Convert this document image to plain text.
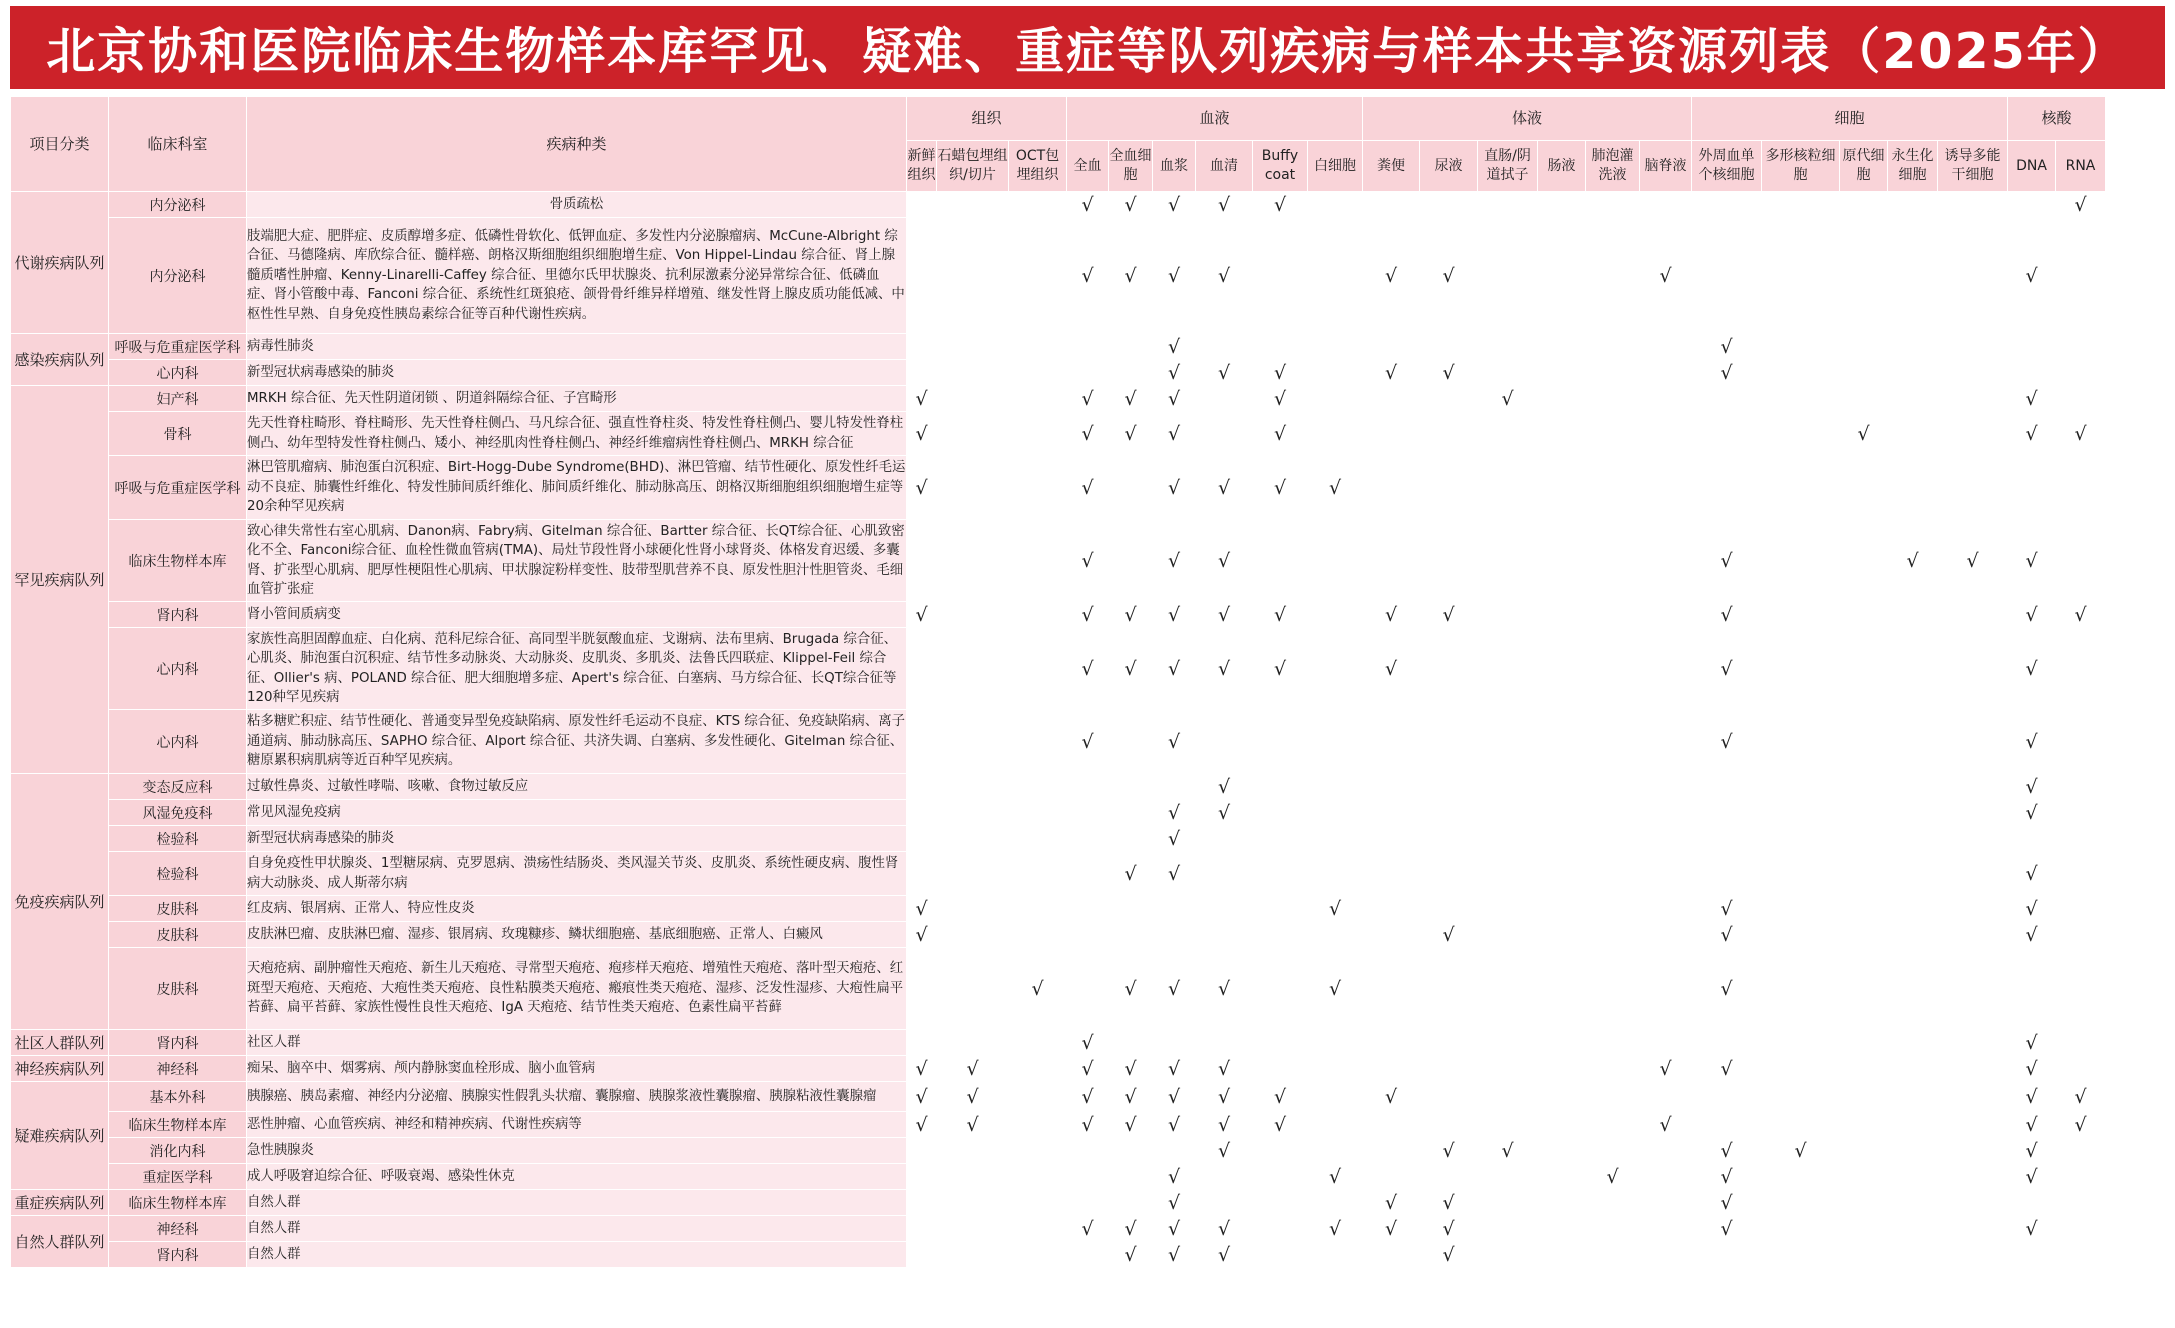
北京协和医院临床生物样本库罕见、疑难、重症等队列疾病与样本共享资源列表（2025年）
项目分类	临床科室	疾病种类	组织			血液						体液						细胞					核酸	
			新鲜组织	石蜡包埋组织/切片	OCT包埋组织	全血	全血细胞	血浆	血清	Buffy coat	白细胞	粪便	尿液	直肠/阴道拭子	肠液	肺泡灌洗液	脑脊液	外周血单个核细胞	多形核粒细胞	原代细胞	永生化细胞	诱导多能干细胞	DNA	RNA
代谢疾病队列	内分泌科	骨质疏松				√	√	√	√	√														√
	内分泌科	肢端肥大症、肥胖症、皮质醇增多症、低磷性骨软化、低钾血症、多发性内分泌腺瘤病、McCune-Albright 综合征、马德隆病、库欣综合征、髓样癌、朗格汉斯细胞组织细胞增生症、Von Hippel-Lindau 综合征、肾上腺髓质嗜性肿瘤、Kenny-Linarelli-Caffey 综合征、里德尔氏甲状腺炎、抗利尿激素分泌异常综合征、低磷血症、肾小管酸中毒、Fanconi 综合征、系统性红斑狼疮、颌骨骨纤维异样增殖、继发性肾上腺皮质功能低减、中枢性性早熟、自身免疫性胰岛素综合征等百种代谢性疾病。				√	√	√	√			√	√				√						√	
感染疾病队列	呼吸与危重症医学科	病毒性肺炎						√										√						
	心内科	新型冠状病毒感染的肺炎						√	√	√		√	√					√						
罕见疾病队列	妇产科	MRKH 综合征、先天性阴道闭锁 、阴道斜隔综合征、子宫畸形	√			√	√	√		√				√									√	
	骨科	先天性脊柱畸形、脊柱畸形、先天性脊柱侧凸、马凡综合征、强直性脊柱炎、特发性脊柱侧凸、婴儿特发性脊柱侧凸、幼年型特发性脊柱侧凸、矮小、神经肌肉性脊柱侧凸、神经纤维瘤病性脊柱侧凸、MRKH 综合征	√			√	√	√		√										√			√	√
	呼吸与危重症医学科	淋巴管肌瘤病、肺泡蛋白沉积症、Birt-Hogg-Dube Syndrome(BHD)、淋巴管瘤、结节性硬化、原发性纤毛运动不良症、肺囊性纤维化、特发性肺间质纤维化、肺间质纤维化、肺动脉高压、朗格汉斯细胞组织细胞增生症等20余种罕见疾病	√			√		√	√	√	√													
	临床生物样本库	致心律失常性右室心肌病、Danon病、Fabry病、Gitelman 综合征、Bartter 综合征、长QT综合征、心肌致密化不全、Fanconi综合征、血栓性微血管病(TMA)、局灶节段性肾小球硬化性肾小球肾炎、体格发育迟缓、多囊肾、扩张型心肌病、肥厚性梗阻性心肌病、甲状腺淀粉样变性、肢带型肌营养不良、原发性胆汁性胆管炎、毛细血管扩张症				√		√	√									√			√	√	√	
	肾内科	肾小管间质病变	√			√	√	√	√	√		√	√					√					√	√
	心内科	家族性高胆固醇血症、白化病、范科尼综合征、高同型半胱氨酸血症、戈谢病、法布里病、Brugada 综合征、心肌炎、肺泡蛋白沉积症、结节性多动脉炎、大动脉炎、皮肌炎、多肌炎、法鲁氏四联症、Klippel-Feil 综合征、Ollier's 病、POLAND 综合征、肥大细胞增多症、Apert's 综合征、白塞病、马方综合征、长QT综合征等120种罕见疾病				√	√	√	√	√		√						√					√	
	心内科	粘多糖贮积症、结节性硬化、普通变异型免疫缺陷病、原发性纤毛运动不良症、KTS 综合征、免疫缺陷病、离子通道病、肺动脉高压、SAPHO 综合征、Alport 综合征、共济失调、白塞病、多发性硬化、Gitelman 综合征、糖原累积病肌病等近百种罕见疾病。				√		√										√					√	
免疫疾病队列	变态反应科	过敏性鼻炎、过敏性哮喘、咳嗽、食物过敏反应							√														√	
	风湿免疫科	常见风湿免疫病						√	√														√	
	检验科	新型冠状病毒感染的肺炎						√																
	检验科	自身免疫性甲状腺炎、1型糖尿病、克罗恩病、溃疡性结肠炎、类风湿关节炎、皮肌炎、系统性硬皮病、腹性肾病大动脉炎、成人斯蒂尔病					√	√															√	
	皮肤科	红皮病、银屑病、正常人、特应性皮炎	√								√							√					√	
	皮肤科	皮肤淋巴瘤、皮肤淋巴瘤、湿疹、银屑病、玫瑰糠疹、鳞状细胞癌、基底细胞癌、正常人、白癜风	√										√					√					√	
	皮肤科	天疱疮病、副肿瘤性天疱疮、新生儿天疱疮、寻常型天疱疮、疱疹样天疱疮、增殖性天疱疮、落叶型天疱疮、红斑型天疱疮、天疱疮、大疱性类天疱疮、良性粘膜类天疱疮、瘢痕性类天疱疮、湿疹、泛发性湿疹、大疱性扁平苔藓、扁平苔藓、家族性慢性良性天疱疮、IgA 天疱疮、结节性类天疱疮、色素性扁平苔藓			√		√	√	√		√							√						
社区人群队列	肾内科	社区人群				√																	√	
神经疾病队列	神经科	痴呆、脑卒中、烟雾病、颅内静脉窦血栓形成、脑小血管病	√	√		√	√	√	√								√	√					√	
疑难疾病队列	基本外科	胰腺癌、胰岛素瘤、神经内分泌瘤、胰腺实性假乳头状瘤、囊腺瘤、胰腺浆液性囊腺瘤、胰腺粘液性囊腺瘤	√	√		√	√	√	√	√		√											√	√
	临床生物样本库	恶性肿瘤、心血管疾病、神经和精神疾病、代谢性疾病等	√	√		√	√	√	√	√							√						√	√
	消化内科	急性胰腺炎							√				√	√				√	√				√	
	重症医学科	成人呼吸窘迫综合征、呼吸衰竭、感染性休克						√			√					√		√					√	
重症疾病队列	临床生物样本库	自然人群						√				√	√					√						
自然人群队列	神经科	自然人群				√	√	√	√		√	√	√					√					√	
	肾内科	自然人群					√	√	√				√											
